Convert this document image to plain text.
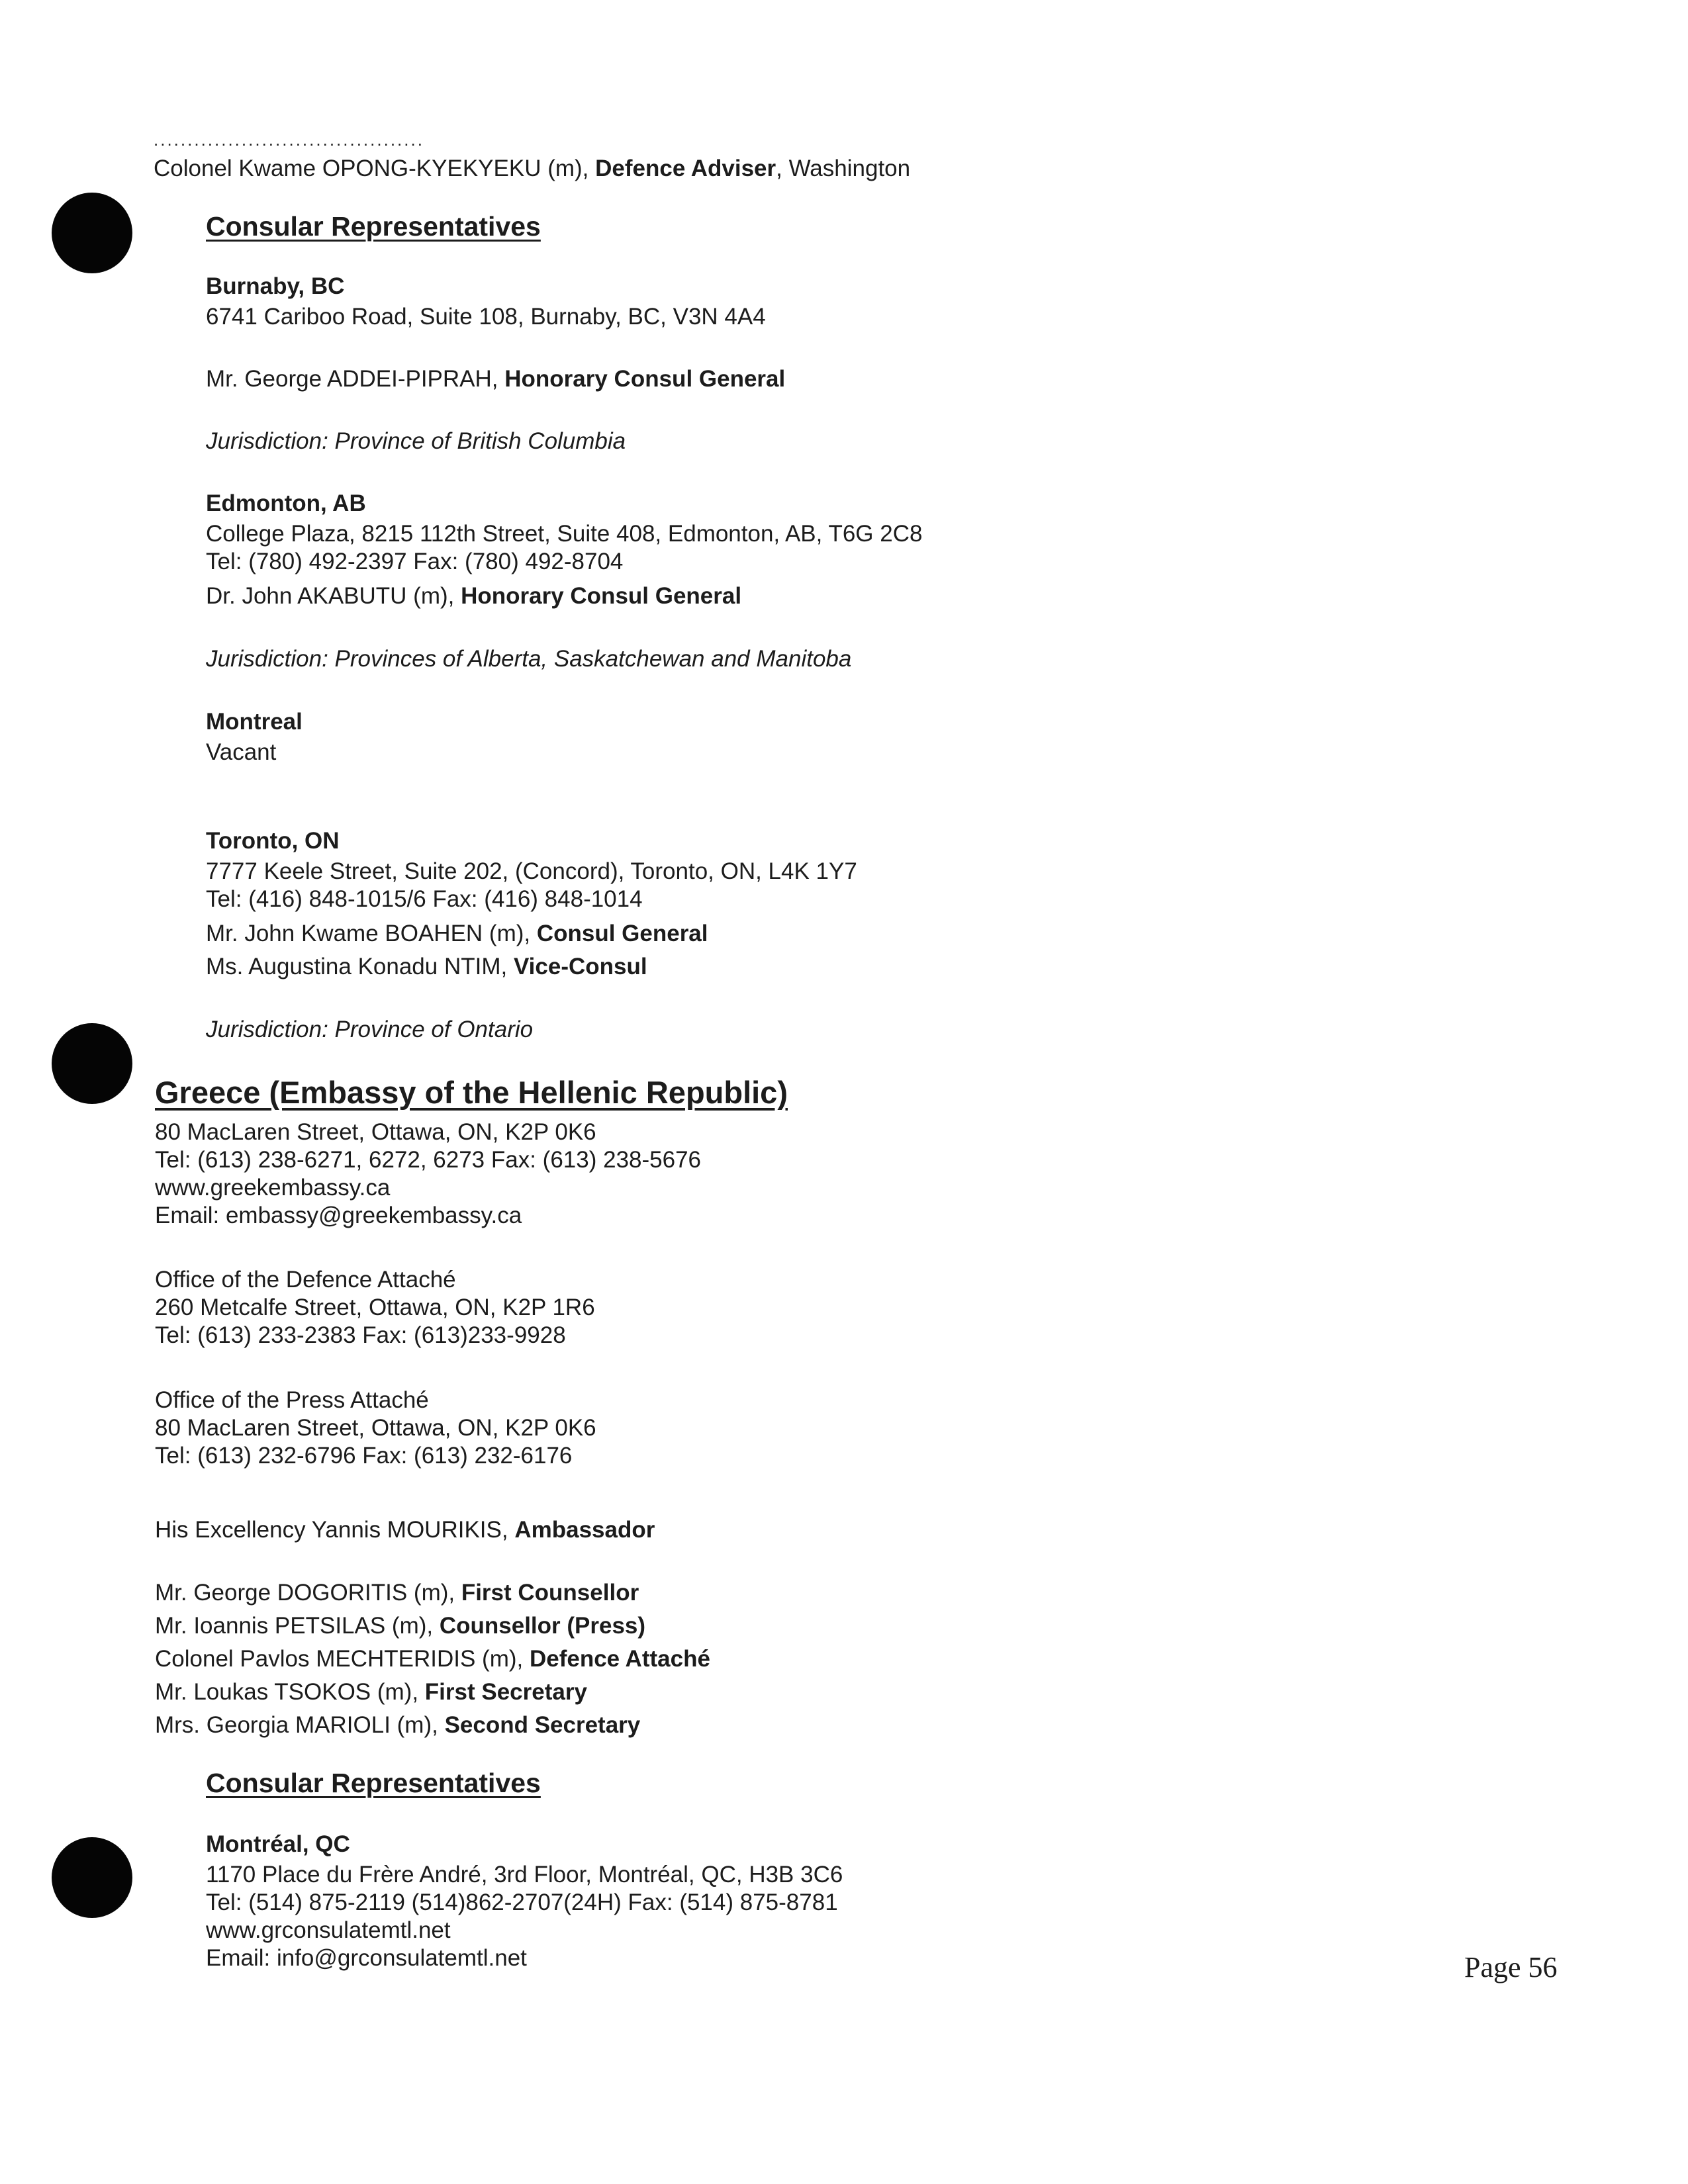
........................................
Colonel Kwame OPONG-KYEKYEKU (m), Defence Adviser, Washington
Consular Representatives
Burnaby, BC
6741 Cariboo Road, Suite 108, Burnaby, BC, V3N 4A4
Mr. George ADDEI-PIPRAH, Honorary Consul General
Jurisdiction: Province of British Columbia
Edmonton, AB
College Plaza, 8215 112th Street, Suite 408, Edmonton, AB, T6G 2C8
Tel: (780) 492-2397 Fax: (780) 492-8704
Dr. John AKABUTU (m), Honorary Consul General
Jurisdiction: Provinces of Alberta, Saskatchewan and Manitoba
Montreal
Vacant
Toronto, ON
7777 Keele Street, Suite 202, (Concord), Toronto, ON, L4K 1Y7
Tel: (416) 848-1015/6 Fax: (416) 848-1014
Mr. John Kwame BOAHEN (m), Consul General
Ms. Augustina Konadu NTIM, Vice-Consul
Jurisdiction: Province of Ontario
Greece (Embassy of the Hellenic Republic)
80 MacLaren Street, Ottawa, ON, K2P 0K6
Tel: (613) 238-6271, 6272, 6273 Fax: (613) 238-5676
www.greekembassy.ca
Email: embassy@greekembassy.ca
Office of the Defence Attaché
260 Metcalfe Street, Ottawa, ON, K2P 1R6
Tel: (613) 233-2383 Fax: (613)233-9928
Office of the Press Attaché
80 MacLaren Street, Ottawa, ON, K2P 0K6
Tel: (613) 232-6796 Fax: (613) 232-6176
His Excellency Yannis MOURIKIS, Ambassador
Mr. George DOGORITIS (m), First Counsellor
Mr. Ioannis PETSILAS (m), Counsellor (Press)
Colonel Pavlos MECHTERIDIS (m), Defence Attaché
Mr. Loukas TSOKOS (m), First Secretary
Mrs. Georgia MARIOLI (m), Second Secretary
Consular Representatives
Montréal, QC
1170 Place du Frère André, 3rd Floor, Montréal, QC, H3B 3C6
Tel: (514) 875-2119 (514)862-2707(24H) Fax: (514) 875-8781
www.grconsulatemtl.net
Email: info@grconsulatemtl.net	Page 56
